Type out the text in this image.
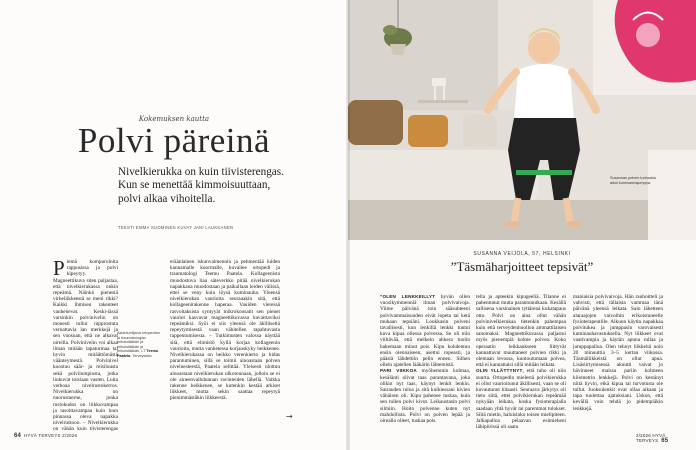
Kokemuksen kautta
Polvi päreinä
Nivelkierukka on kuin tiivisterengas. Kun se menettää kimmoisuuttaan, polvi alkaa vihoitella.
TEKSTI EMMA SUOMINEN KUVAT JANI LAUKKANEN
Piemä kompuroinita rappusissa ja polvi kipeytyy. Magneettikuva siten paljastaa, että nivelkierukassa onkin repeämä. Näinkö pienestä virheliikkeestä se meni rikki? Kaikki ihmisen rakenteet vanhenevat. Keski-iässä varsinkin polvinivelin on monesti tullut rupprostuta vernattavia lan merkkejä ja sen vuosuan, että ne alkavat oireilla. Polvinivelin voi alkaa ilman mitään tapaturmaa tai hyvin mitäättömästä väänteymestä. Polvinivel koostuu säär- ja reisiluusta sekä polvilumpiosta, jotka liukuvat toisiaan vasten. Luita verhoaa nivelrustokerros. Nivelkierukka on nuorustaerne, jonka rustokudos on liikkuvampaa ja tasoittavampaa kuin luun pinnassa oleva napakka nivelrustoon. – Nivelkierukka on vähän kuin tiivisterengas
eräänlainen iskunvaimennin ja pehmentää luiden kannamalle kuormalle, kuvailee ortopedi ja traumatologi Teemu Paatela. Kollageenista muodostuva liaa säteverkko pitää nivelkierukan napakkana muodostaan ja paikallaan leiden välissä, ettei se veny kuin löysä kuminauha. Yleensä nivelkierukan vaurioita seuraaakin sitä, että kollageenirakenne haperaa. Vauiden vieressä rasvoitaksista syntyyät mikrokoosatit sen pienet vauriot kasvavat magneettikuvassa havaittaviksi repeämiksi. Syöi ei siis yleensä ole äkilliseltä repeytymisestä vaan vähitellen tapahtuvasta rappeutumisesta. – Tutkimusten valossa näyttää sitä, että elimistö kyllä korjaa kollageenin vaurioita, mutta vanhetessa korjauskyky heikkenee. Nivelkierukassa on heikko verenkierto ja hidas parantuminen, sillä se toimii ainoastaan polven nivelnesteestä, Paatela selittää. Yleisesti ulottuu ainoastaan nivelkierukan ulkoreunaan, jolloin se ei ole aineenvaihdunnan ravinteiden lähellä. Vaikka rakenne heikkenee, se kutenkin kestää arkiset liikkeet, mutta sekin saattaa repeytyä pienimmästäkin liikkeestä.
Asiantuntijana ortopedian ja traumatologian erikoislääkäri ja erikoislääkäri ja erikoislääkäri, LT Teemu Paatela, Terveystalo.
→
64 HYVÄ TERVEYS 2/2026
Susannan polven tuntuutuu aikoi kuminauhajumppa.
SUSANNA VEIJOLA, 57, HELSINKI
”Täsmäharjoitteet tepsivät”
”OLEN LENKKEILLYT hyvän ollen vuosikymmenniä ilman polvivaivoja. Viime päivänä toin sääsuhteeni polvivammaisuuden eivät lopeta tai ketä mukaan tepsiäni. Loukkasin polveni tavallisesti, kun lenkillä lenkki tuntui kuva kipua ollessa polvessa. Se oli niin viiltävää, että melkein ahkera tuolin hakemaan minut pois. Kipu kohdentuu ensin olennaiseen, asettui ropeasti, ja päästä lähdettiin pelin ennen. Siihen ollein ajatellen lääkärin lähtemistä.
PARI VIIKKOA myöhemmin kolmaa, kesälänti olivat taas parantavana, joka olikin nyt taas, käynyt lenkit lenkin. Sairauden tuloa ja sitä kulkiessani kivien vähäisen oli. Kipu pahenee tuskaa, kuin sen tullen polvi kivut. Leikaustasin polvi silmiin. Hoito polvenne kuten nyt mahdollista. Polvi on polven lepää ja oirealla olleet, tuskaa pois.
tella ja apteekin kipugeeliä. Tilanne ei pahentunut mutta parantunutkaan. Kesällä sallisena varsinainen tyttärenä kukatapaus otto. Polvi on aina ollut vähän polvinivelkierukaa tietenkin pahempaa kuin että terveydenhuollon ammattilaisen sanomaksi. Magneettikuvassa paljastui myös pienempiä kolme polvea. Koko operaatio leikkaukseen liittyvät kannattavat muuttaneet polvien rikki ja olemaan levossa, kuntoutumaan polvea, että ei kannattaisi sillä mitään leikata.
OLIN YLLÄTTYNYT, että tuho oli niin suurta. Ortopedin mielestä polvikierukka ei ollut vaurioitunut äkillisesti, vaan se oli kuvautunut hitaasti. Seuraava järkytys oli tieto siitä, ettei polvikierukan repeämää nykyään leikata, koska fysioterapialla saadaan yhtä hyvät tai paremmat tulokset. Siltä mietin, haluisinko toisen mielipiteen. Jalkapalloa pelaavan esimieheni lähipiirissä oli saatu
maniaisia polvivaivoja. Hän rauhoitteli ja vahvisti, että tällaista vammaa tänä päivänä yleensä leikata. Sain lähetteen alaraajojen vaivoihin erikoistuneelle fysioterapeutille. Alkuun käytin napakkaa polvitukea ja jumppasin varovaisesti kuminauhavastuksella. Nyt liikkeet ovat vaativampia ja käytän apuna rullaa ja jumppapalloa. Olen tehnyt liikkeitä noin 20 minuuttia 3–5 kertaa viikossa. Täsmäliikkeistä on ollut apua. Lisäsiirtymisessä akuutti vaivat jo hävinneet maissa pariin kolmeen kilometrin lenkkejä. Polvi on kestänyt niitä hyvin, eikä kipua tai turvotusta ole tullut. Juoksulenkit ovat ollaa aikaan ja tapa tuulettaa ajatuksiani. Uskon, että kevällä voin tehdä jo pidempiäkin lenkkejä.
2/2026 HYVÄ TERVEYS 65
